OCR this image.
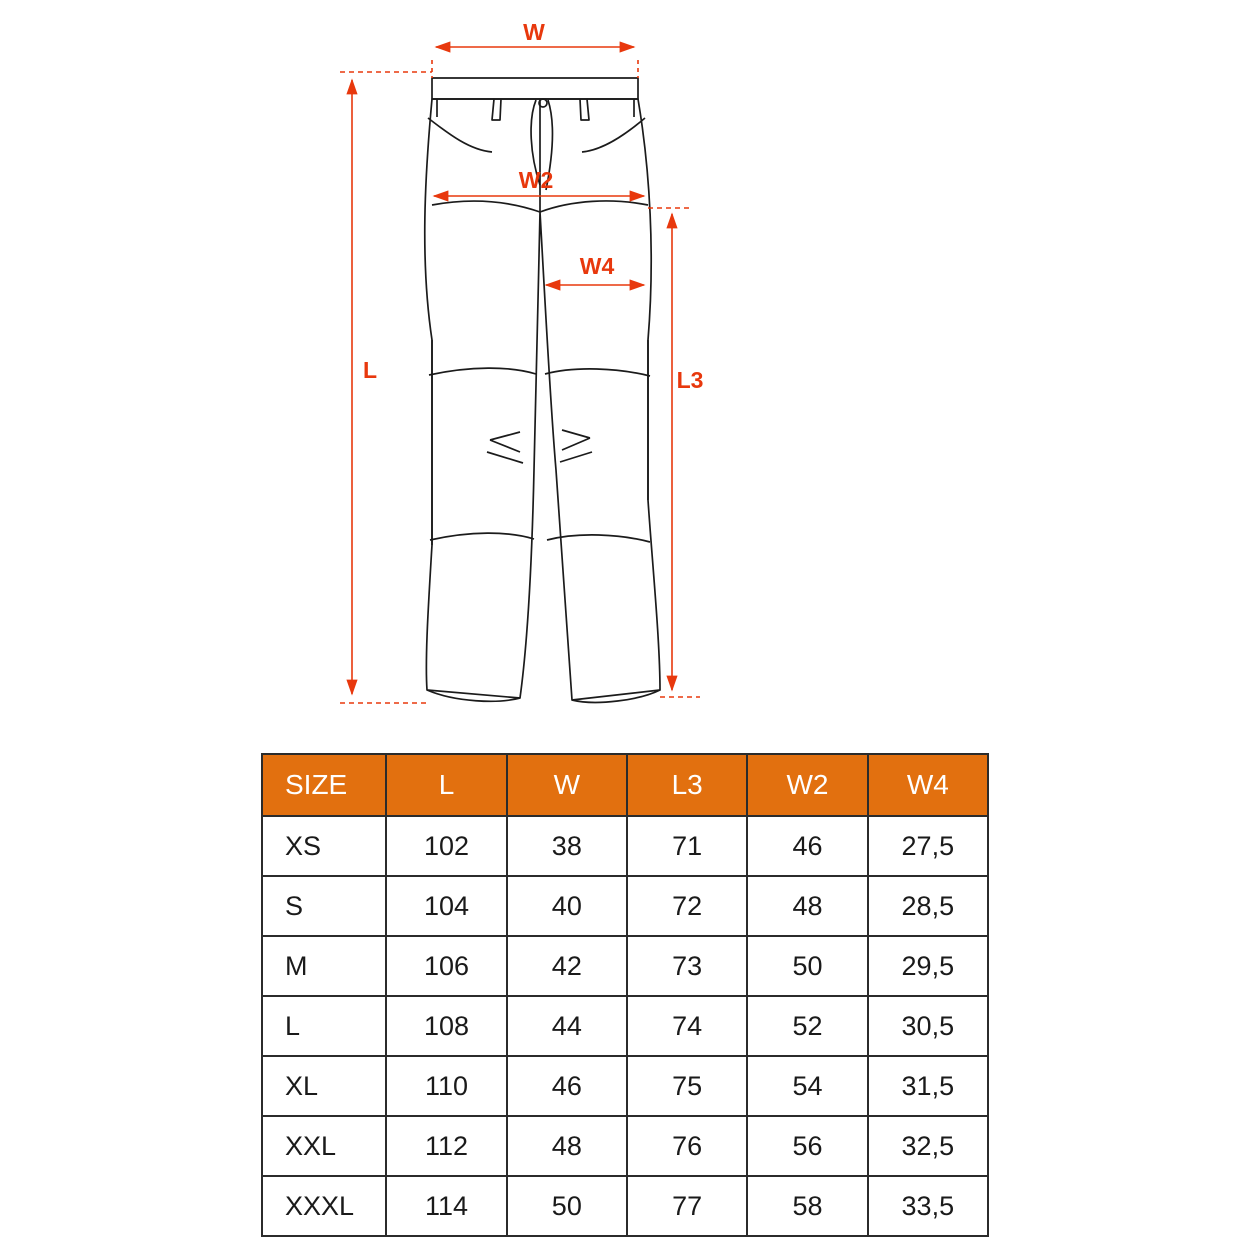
W
L
W2
W4
L3
SIZE	L	W	L3	W2	W4
XS	102	38	71	46	27,5
S	104	40	72	48	28,5
M	106	42	73	50	29,5
L	108	44	74	52	30,5
XL	110	46	75	54	31,5
XXL	112	48	76	56	32,5
XXXL	114	50	77	58	33,5
